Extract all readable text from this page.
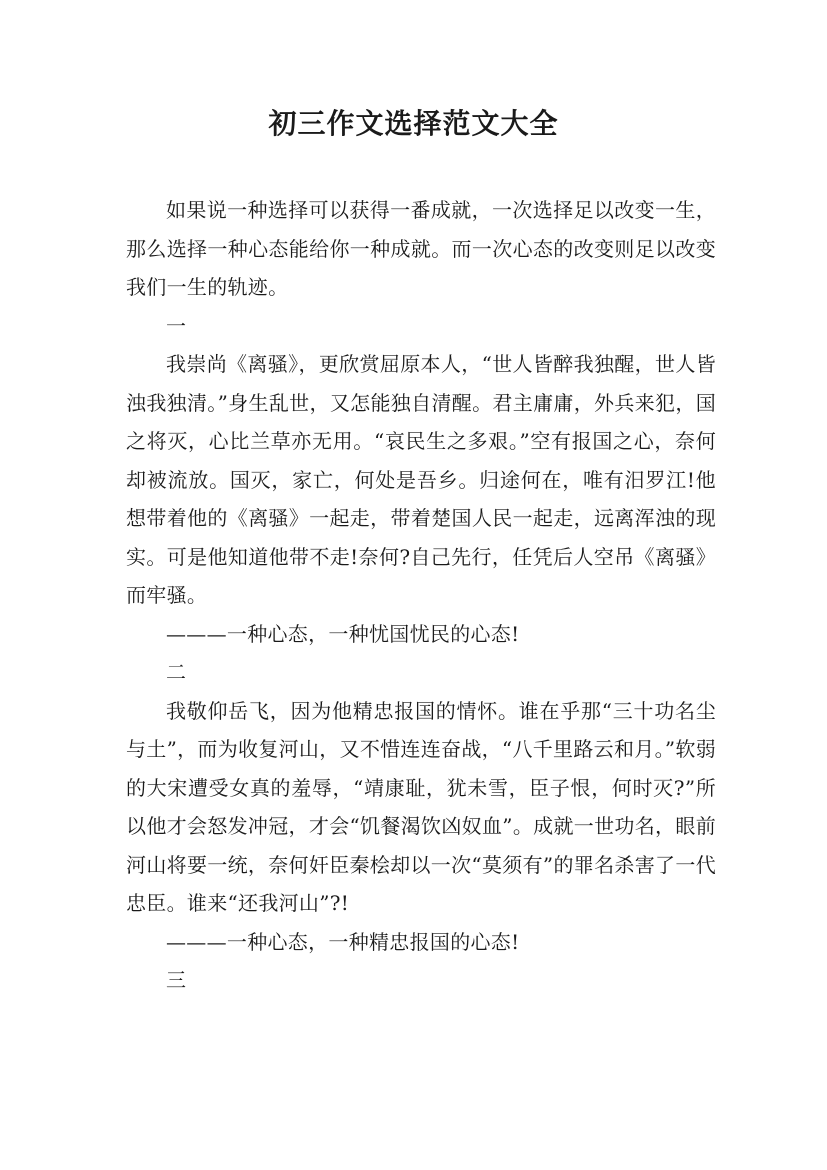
初三作文选择范文大全

如果说一种选择可以获得一番成就，一次选择足以改变一生，那么选择一种心态能给你一种成就。而一次心态的改变则足以改变我们一生的轨迹。

一

我崇尚《离骚》，更欣赏屈原本人，“世人皆醉我独醒，世人皆浊我独清。”身生乱世，又怎能独自清醒。君主庸庸，外兵来犯，国之将灭，心比兰草亦无用。“哀民生之多艰。”空有报国之心，奈何却被流放。国灭，家亡，何处是吾乡。归途何在，唯有汨罗江!他想带着他的《离骚》一起走，带着楚国人民一起走，远离浑浊的现实。可是他知道他带不走!奈何?自己先行，任凭后人空吊《离骚》而牢骚。

———一种心态，一种忧国忧民的心态!

二

我敬仰岳飞，因为他精忠报国的情怀。谁在乎那“三十功名尘与土”，而为收复河山，又不惜连连奋战，“八千里路云和月。”软弱的大宋遭受女真的羞辱，“靖康耻，犹未雪，臣子恨，何时灭?”所以他才会怒发冲冠，才会“饥餐渴饮凶奴血”。成就一世功名，眼前河山将要一统，奈何奸臣秦桧却以一次“莫须有”的罪名杀害了一代忠臣。谁来“还我河山”?!

———一种心态，一种精忠报国的心态!

三
